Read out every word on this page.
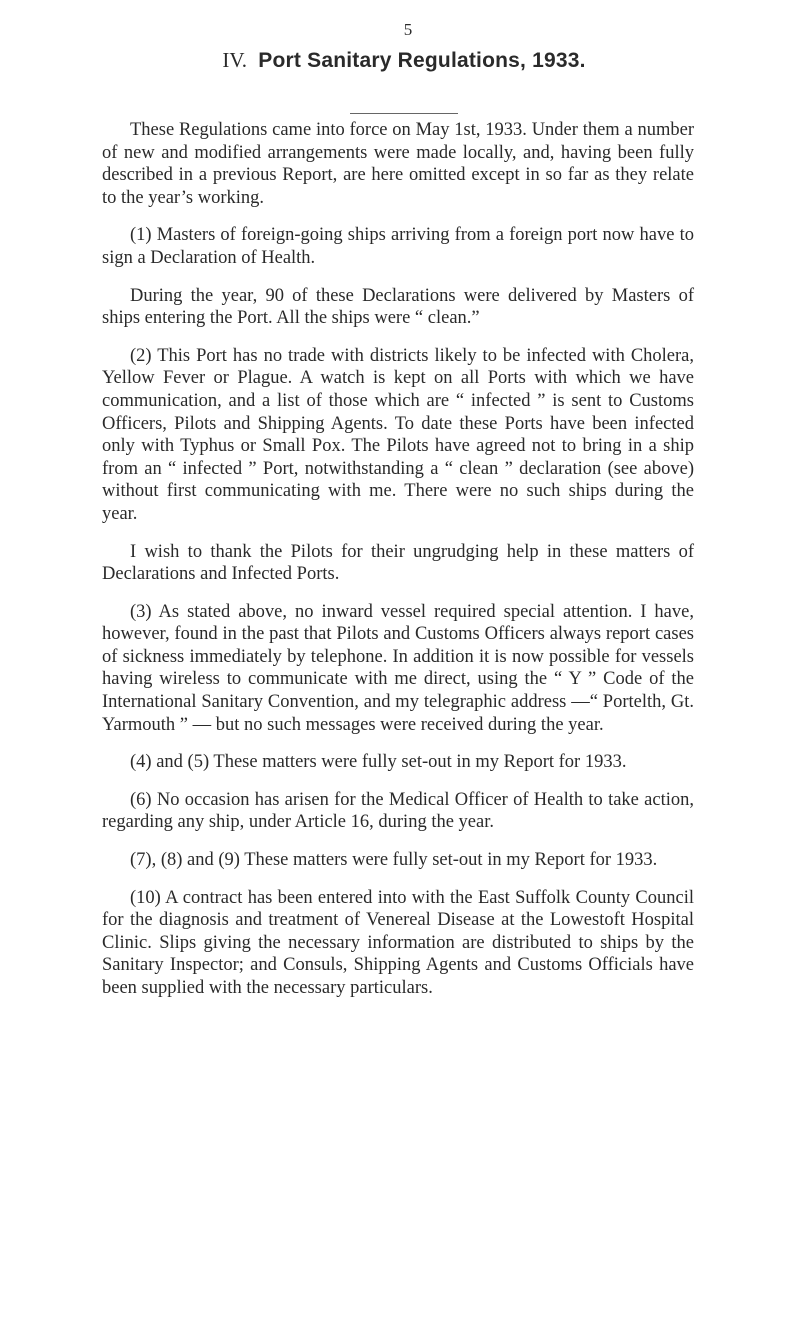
5
IV. Port Sanitary Regulations, 1933.

These Regulations came into force on May 1st, 1933. Under them a number of new and modified arrangements were made locally, and, having been fully described in a previous Report, are here omitted except in so far as they relate to the year’s working.

(1) Masters of foreign-going ships arriving from a foreign port now have to sign a Declaration of Health.

During the year, 90 of these Declarations were delivered by Masters of ships entering the Port. All the ships were “ clean.”

(2) This Port has no trade with districts likely to be infected with Cholera, Yellow Fever or Plague. A watch is kept on all Ports with which we have communication, and a list of those which are “ infected ” is sent to Customs Officers, Pilots and Shipping Agents. To date these Ports have been infected only with Typhus or Small Pox. The Pilots have agreed not to bring in a ship from an “ infected ” Port, notwithstanding a “ clean ” declaration (see above) without first communicating with me. There were no such ships during the year.

I wish to thank the Pilots for their ungrudging help in these matters of Declarations and Infected Ports.

(3) As stated above, no inward vessel required special attention. I have, however, found in the past that Pilots and Customs Officers always report cases of sickness immediately by telephone. In addition it is now possible for vessels having wireless to communicate with me direct, using the “ Y ” Code of the International Sanitary Convention, and my telegraphic address —“ Portelth, Gt. Yarmouth ” — but no such messages were received during the year.

(4) and (5) These matters were fully set-out in my Report for 1933.

(6) No occasion has arisen for the Medical Officer of Health to take action, regarding any ship, under Article 16, during the year.

(7), (8) and (9) These matters were fully set-out in my Report for 1933.

(10) A contract has been entered into with the East Suffolk County Council for the diagnosis and treatment of Venereal Disease at the Lowestoft Hospital Clinic. Slips giving the necessary information are distributed to ships by the Sanitary Inspector; and Consuls, Shipping Agents and Customs Officials have been supplied with the necessary particulars.
